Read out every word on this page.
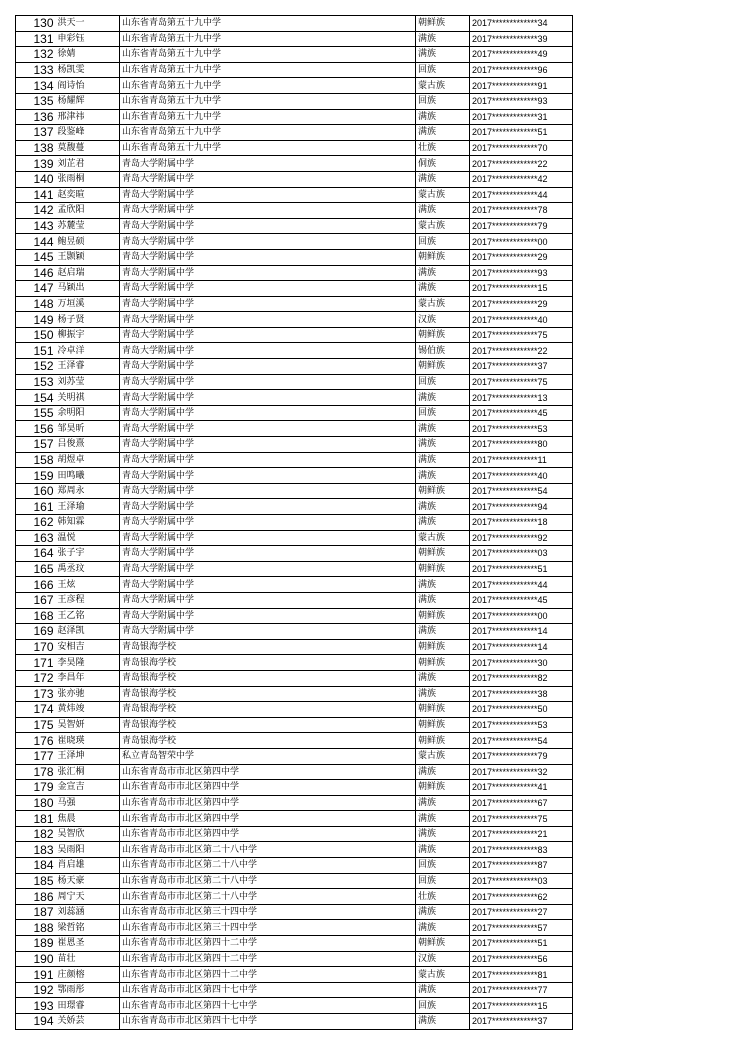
130	洪天一	山东省青岛第五十九中学	朝鲜族	2017*************34
131	申彩钰	山东省青岛第五十九中学	满族	2017*************39
132	徐婧	山东省青岛第五十九中学	满族	2017*************49
133	杨凯雯	山东省青岛第五十九中学	回族	2017*************96
134	阎诗怡	山东省青岛第五十九中学	蒙古族	2017*************91
135	杨耀辉	山东省青岛第五十九中学	回族	2017*************93
136	邢津祎	山东省青岛第五十九中学	满族	2017*************31
137	段鉴峰	山东省青岛第五十九中学	满族	2017*************51
138	莫馥蔓	山东省青岛第五十九中学	壮族	2017*************70
139	刘芷君	青岛大学附属中学	侗族	2017*************22
140	张雨桐	青岛大学附属中学	满族	2017*************42
141	赵奕暄	青岛大学附属中学	蒙古族	2017*************44
142	孟欣阳	青岛大学附属中学	满族	2017*************78
143	苏麓莹	青岛大学附属中学	蒙古族	2017*************79
144	鲍昱硕	青岛大学附属中学	回族	2017*************00
145	王颢颖	青岛大学附属中学	朝鲜族	2017*************29
146	赵启瑞	青岛大学附属中学	满族	2017*************93
147	马颖出	青岛大学附属中学	满族	2017*************15
148	万垣溪	青岛大学附属中学	蒙古族	2017*************29
149	杨子贤	青岛大学附属中学	汉族	2017*************40
150	柳振宇	青岛大学附属中学	朝鲜族	2017*************75
151	冷卓洋	青岛大学附属中学	锡伯族	2017*************22
152	王泽睿	青岛大学附属中学	朝鲜族	2017*************37
153	刘苏莹	青岛大学附属中学	回族	2017*************75
154	关明祺	青岛大学附属中学	满族	2017*************13
155	余明阳	青岛大学附属中学	回族	2017*************45
156	邹昊昕	青岛大学附属中学	满族	2017*************53
157	吕俊熹	青岛大学附属中学	满族	2017*************80
158	胡煜卓	青岛大学附属中学	满族	2017*************11
159	田鸣曦	青岛大学附属中学	满族	2017*************40
160	郑周永	青岛大学附属中学	朝鲜族	2017*************54
161	王泽瑜	青岛大学附属中学	满族	2017*************94
162	韩知霖	青岛大学附属中学	满族	2017*************18
163	温悦	青岛大学附属中学	蒙古族	2017*************92
164	张子宇	青岛大学附属中学	朝鲜族	2017*************03
165	禹丞玟	青岛大学附属中学	朝鲜族	2017*************51
166	王炫	青岛大学附属中学	满族	2017*************44
167	王彦程	青岛大学附属中学	满族	2017*************45
168	王乙铭	青岛大学附属中学	朝鲜族	2017*************00
169	赵泽凯	青岛大学附属中学	满族	2017*************14
170	安相吉	青岛银海学校	朝鲜族	2017*************14
171	李昊隆	青岛银海学校	朝鲜族	2017*************30
172	李昌年	青岛银海学校	满族	2017*************82
173	张亦驰	青岛银海学校	满族	2017*************38
174	黄炜竣	青岛银海学校	朝鲜族	2017*************50
175	吴智妍	青岛银海学校	朝鲜族	2017*************53
176	崔晓瑛	青岛银海学校	朝鲜族	2017*************54
177	王泽坤	私立青岛智荣中学	蒙古族	2017*************79
178	张汇桐	山东省青岛市市北区第四中学	满族	2017*************32
179	金宣吉	山东省青岛市市北区第四中学	朝鲜族	2017*************41
180	马强	山东省青岛市市北区第四中学	满族	2017*************67
181	焦晨	山东省青岛市市北区第四中学	满族	2017*************75
182	吴智欣	山东省青岛市市北区第四中学	满族	2017*************21
183	吴雨阳	山东省青岛市市北区第二十八中学	满族	2017*************83
184	肖启雄	山东省青岛市市北区第二十八中学	回族	2017*************87
185	杨天豪	山东省青岛市市北区第二十八中学	回族	2017*************03
186	周宁天	山东省青岛市市北区第二十八中学	壮族	2017*************62
187	刘蕊涵	山东省青岛市市北区第三十四中学	满族	2017*************27
188	梁哲铭	山东省青岛市市北区第三十四中学	满族	2017*************57
189	崔恩圣	山东省青岛市市北区第四十二中学	朝鲜族	2017*************51
190	苗壮	山东省青岛市市北区第四十二中学	汉族	2017*************56
191	庄颜榕	山东省青岛市市北区第四十二中学	蒙古族	2017*************81
192	鄂雨彤	山东省青岛市市北区第四十七中学	满族	2017*************77
193	田璟睿	山东省青岛市市北区第四十七中学	回族	2017*************15
194	关娇芸	山东省青岛市市北区第四十七中学	满族	2017*************37
